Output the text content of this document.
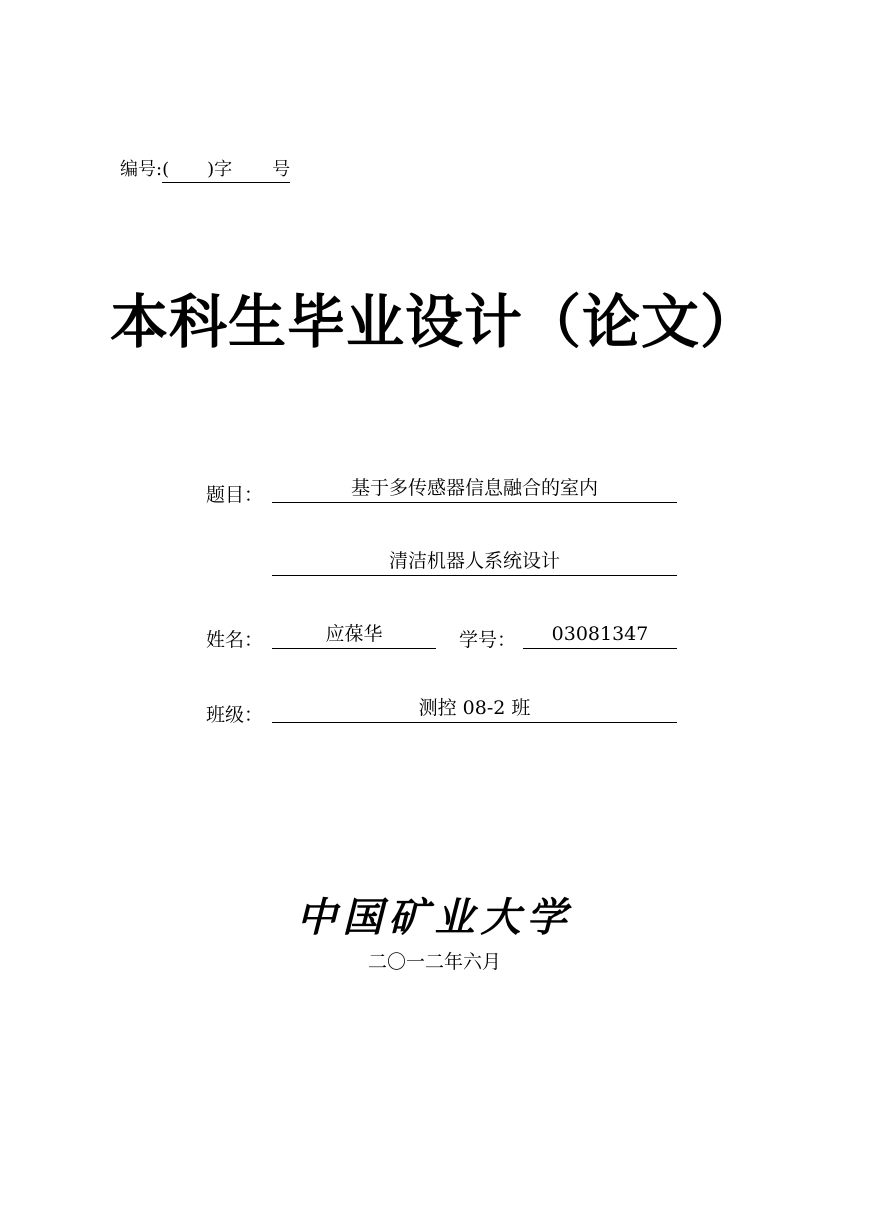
编号:( )字 号
本科生毕业设计（论文）
题目：	基于多传感器信息融合的室内
清洁机器人系统设计
姓名：	应葆华	学号：	03081347
班级：	测控 08-2 班
中国矿业大学
二〇一二年六月
